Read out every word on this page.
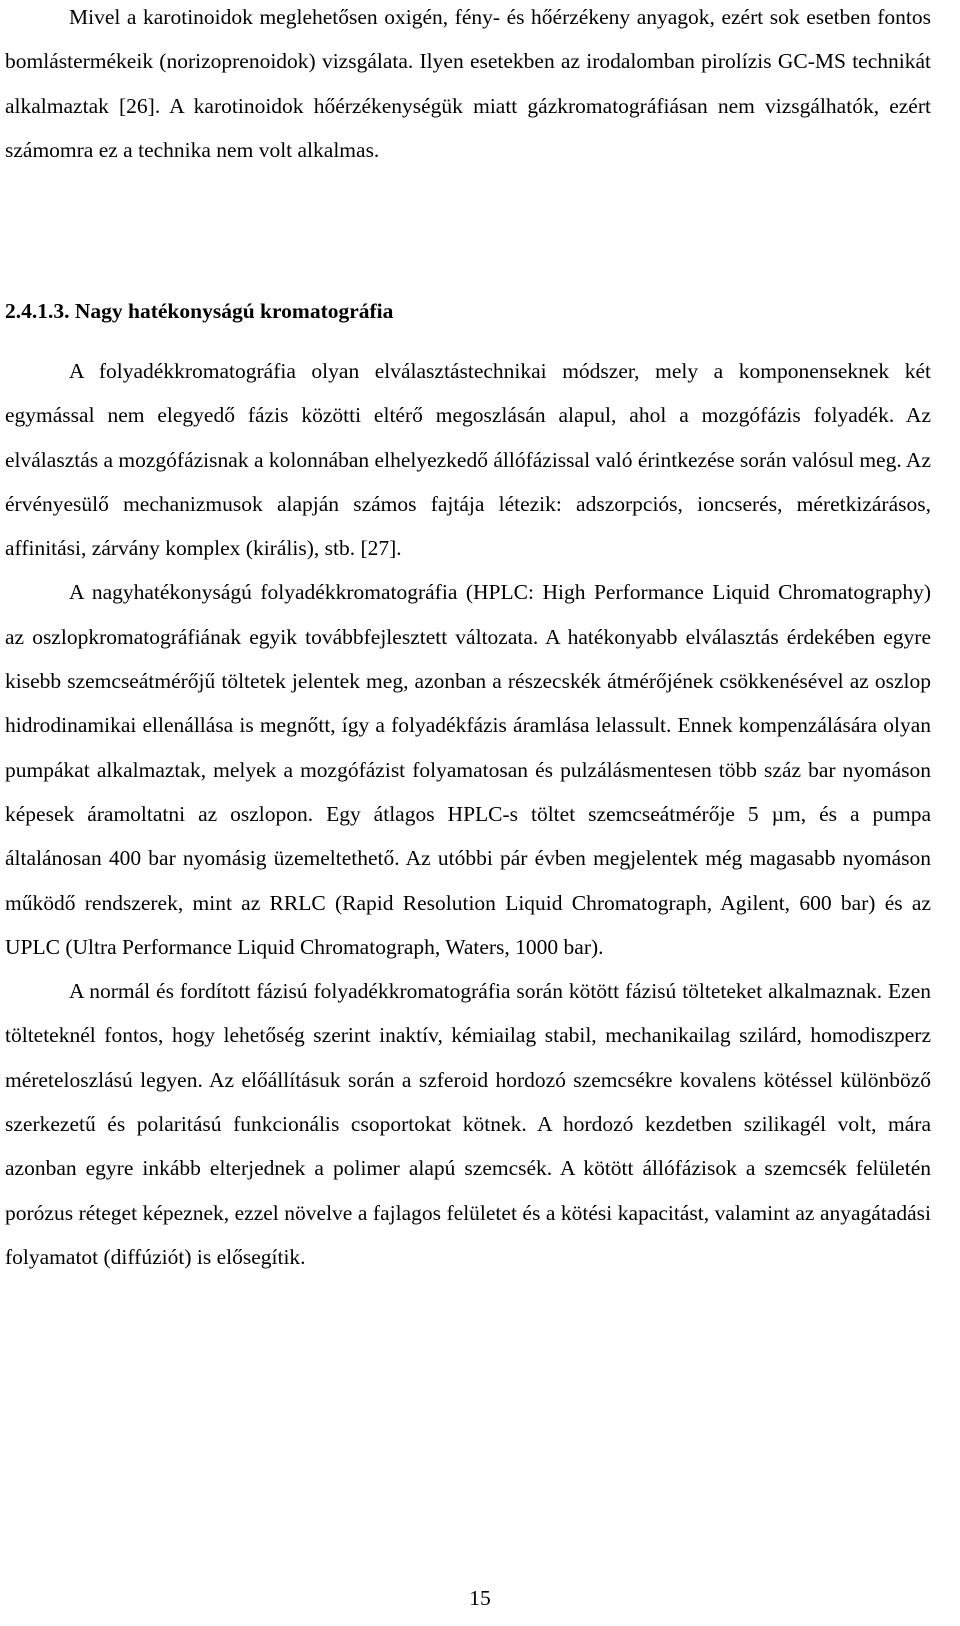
Mivel a karotinoidok meglehetősen oxigén, fény- és hőérzékeny anyagok, ezért sok esetben fontos bomlástermékeik (norizoprenoidok) vizsgálata. Ilyen esetekben az irodalomban pirolízis GC-MS technikát alkalmaztak [26]. A karotinoidok hőérzékenységük miatt gázkromatográfiásan nem vizsgálhatók, ezért számomra ez a technika nem volt alkalmas.

2.4.1.3. Nagy hatékonyságú kromatográfia

A folyadékkromatográfia olyan elválasztástechnikai módszer, mely a komponenseknek két egymással nem elegyedő fázis közötti eltérő megoszlásán alapul, ahol a mozgófázis folyadék. Az elválasztás a mozgófázisnak a kolonnában elhelyezkedő állófázissal való érintkezése során valósul meg. Az érvényesülő mechanizmusok alapján számos fajtája létezik: adszorpciós, ioncserés, méretkizárásos, affinitási, zárvány komplex (királis), stb. [27].

A nagyhatékonyságú folyadékkromatográfia (HPLC: High Performance Liquid Chromatography) az oszlopkromatográfiának egyik továbbfejlesztett változata. A hatékonyabb elválasztás érdekében egyre kisebb szemcseátmérőjű töltetek jelentek meg, azonban a részecskék átmérőjének csökkenésével az oszlop hidrodinamikai ellenállása is megnőtt, így a folyadékfázis áramlása lelassult. Ennek kompenzálására olyan pumpákat alkalmaztak, melyek a mozgófázist folyamatosan és pulzálásmentesen több száz bar nyomáson képesek áramoltatni az oszlopon. Egy átlagos HPLC-s töltet szemcseátmérője 5 µm, és a pumpa általánosan 400 bar nyomásig üzemeltethető. Az utóbbi pár évben megjelentek még magasabb nyomáson működő rendszerek, mint az RRLC (Rapid Resolution Liquid Chromatograph, Agilent, 600 bar) és az UPLC (Ultra Performance Liquid Chromatograph, Waters, 1000 bar).

A normál és fordított fázisú folyadékkromatográfia során kötött fázisú tölteteket alkalmaznak. Ezen tölteteknél fontos, hogy lehetőség szerint inaktív, kémiailag stabil, mechanikailag szilárd, homodiszperz méreteloszlású legyen. Az előállításuk során a szferoid hordozó szemcsékre kovalens kötéssel különböző szerkezetű és polaritású funkcionális csoportokat kötnek. A hordozó kezdetben szilikagél volt, mára azonban egyre inkább elterjednek a polimer alapú szemcsék. A kötött állófázisok a szemcsék felületén porózus réteget képeznek, ezzel növelve a fajlagos felületet és a kötési kapacitást, valamint az anyagátadási folyamatot (diffúziót) is elősegítik.

15
